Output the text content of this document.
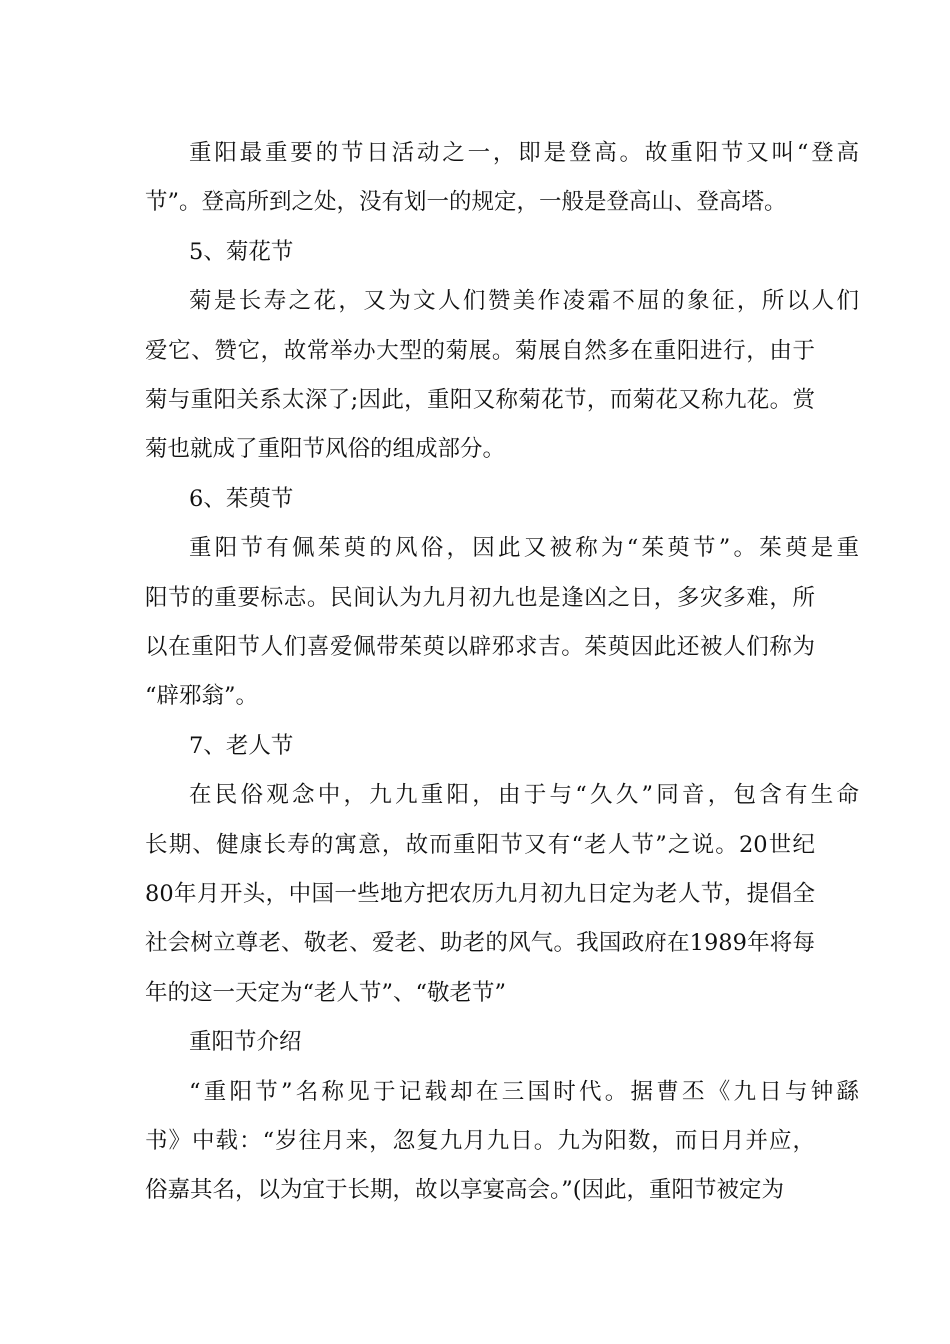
重阳最重要的节日活动之一，即是登高。故重阳节又叫“登高
节”。登高所到之处，没有划一的规定，一般是登高山、登高塔。
5、菊花节
菊是长寿之花，又为文人们赞美作凌霜不屈的象征，所以人们
爱它、赞它，故常举办大型的菊展。菊展自然多在重阳进行，由于
菊与重阳关系太深了;因此，重阳又称菊花节，而菊花又称九花。赏
菊也就成了重阳节风俗的组成部分。
6、茱萸节
重阳节有佩茱萸的风俗，因此又被称为“茱萸节”。茱萸是重
阳节的重要标志。民间认为九月初九也是逢凶之日，多灾多难，所
以在重阳节人们喜爱佩带茱萸以辟邪求吉。茱萸因此还被人们称为
“辟邪翁”。
7、老人节
在民俗观念中，九九重阳，由于与“久久”同音，包含有生命
长期、健康长寿的寓意，故而重阳节又有“老人节”之说。20世纪
80年月开头，中国一些地方把农历九月初九日定为老人节，提倡全
社会树立尊老、敬老、爱老、助老的风气。我国政府在1989年将每
年的这一天定为“老人节”、“敬老节”
重阳节介绍
“重阳节”名称见于记载却在三国时代。据曹丕《九日与钟繇
书》中载：“岁往月来，忽复九月九日。九为阳数，而日月并应，
俗嘉其名，以为宜于长期，故以享宴高会。”(因此，重阳节被定为
